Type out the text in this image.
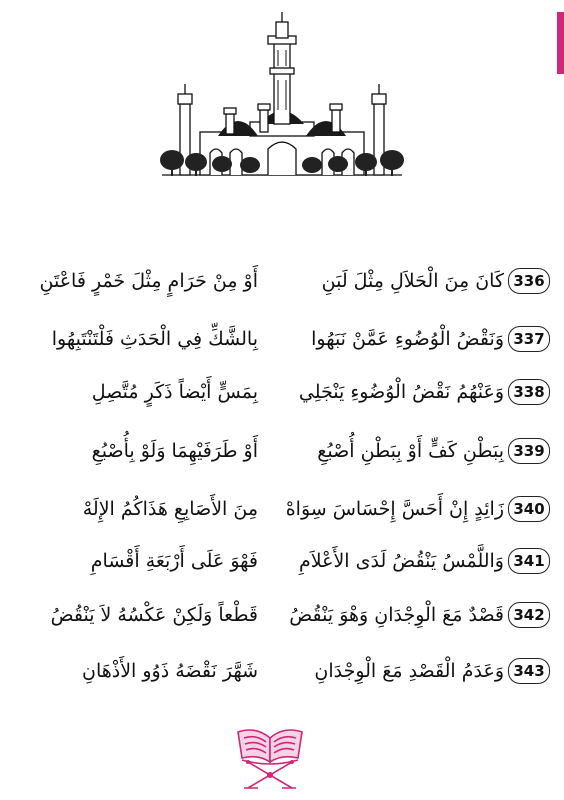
336
كَانَ مِنَ الْحَلاَلِ مِثْلَ لَبَنِ
أَوْ مِنْ حَرَامٍ مِثْلَ خَمْرٍ فَاعْتَنِ
337
وَنَقْضُ الْوُضُوءِ عَمَّنْ نَبَهُوا
بِالشَّكِّ فِي الْحَدَثِ فَلْتَنْتَبِهُوا
338
وَعَنْهُمُ نَقْضُ الْوُضُوءِ يَنْجَلِي
بِمَسٍّ أَيْضاً ذَكَرٍ مُتَّصِلِ
339
بِبَطْنِ كَفٍّ أَوْ بِبَطْنِ أُصْبُعِ
أَوْ طَرَفَيْهِمَا وَلَوْ بِأُصْبُعِ
340
زَائِدٍ إِنْ أَحَسَّ إِحْسَاسَ سِوَاهْ
مِنَ الأَصَابِعِ هَذَاكُمُ الإِلَهْ
341
وَاللَّمْسُ يَنْقُضُ لَدَى الأَعْلاَمِ
فَهْوَ عَلَى أَرْبَعَةِ أَقْسَامِ
342
قَصْدٌ مَعَ الْوِجْدَانِ وَهْوَ يَنْقُضُ
قَطْعاً وَلَكِنْ عَكْسُهُ لاَ يَنْقُضُ
343
وَعَدَمُ الْقَصْدِ مَعَ الْوِجْدَانِ
شَهَّرَ نَقْضَهُ ذَوُو الأَذْهَانِ
